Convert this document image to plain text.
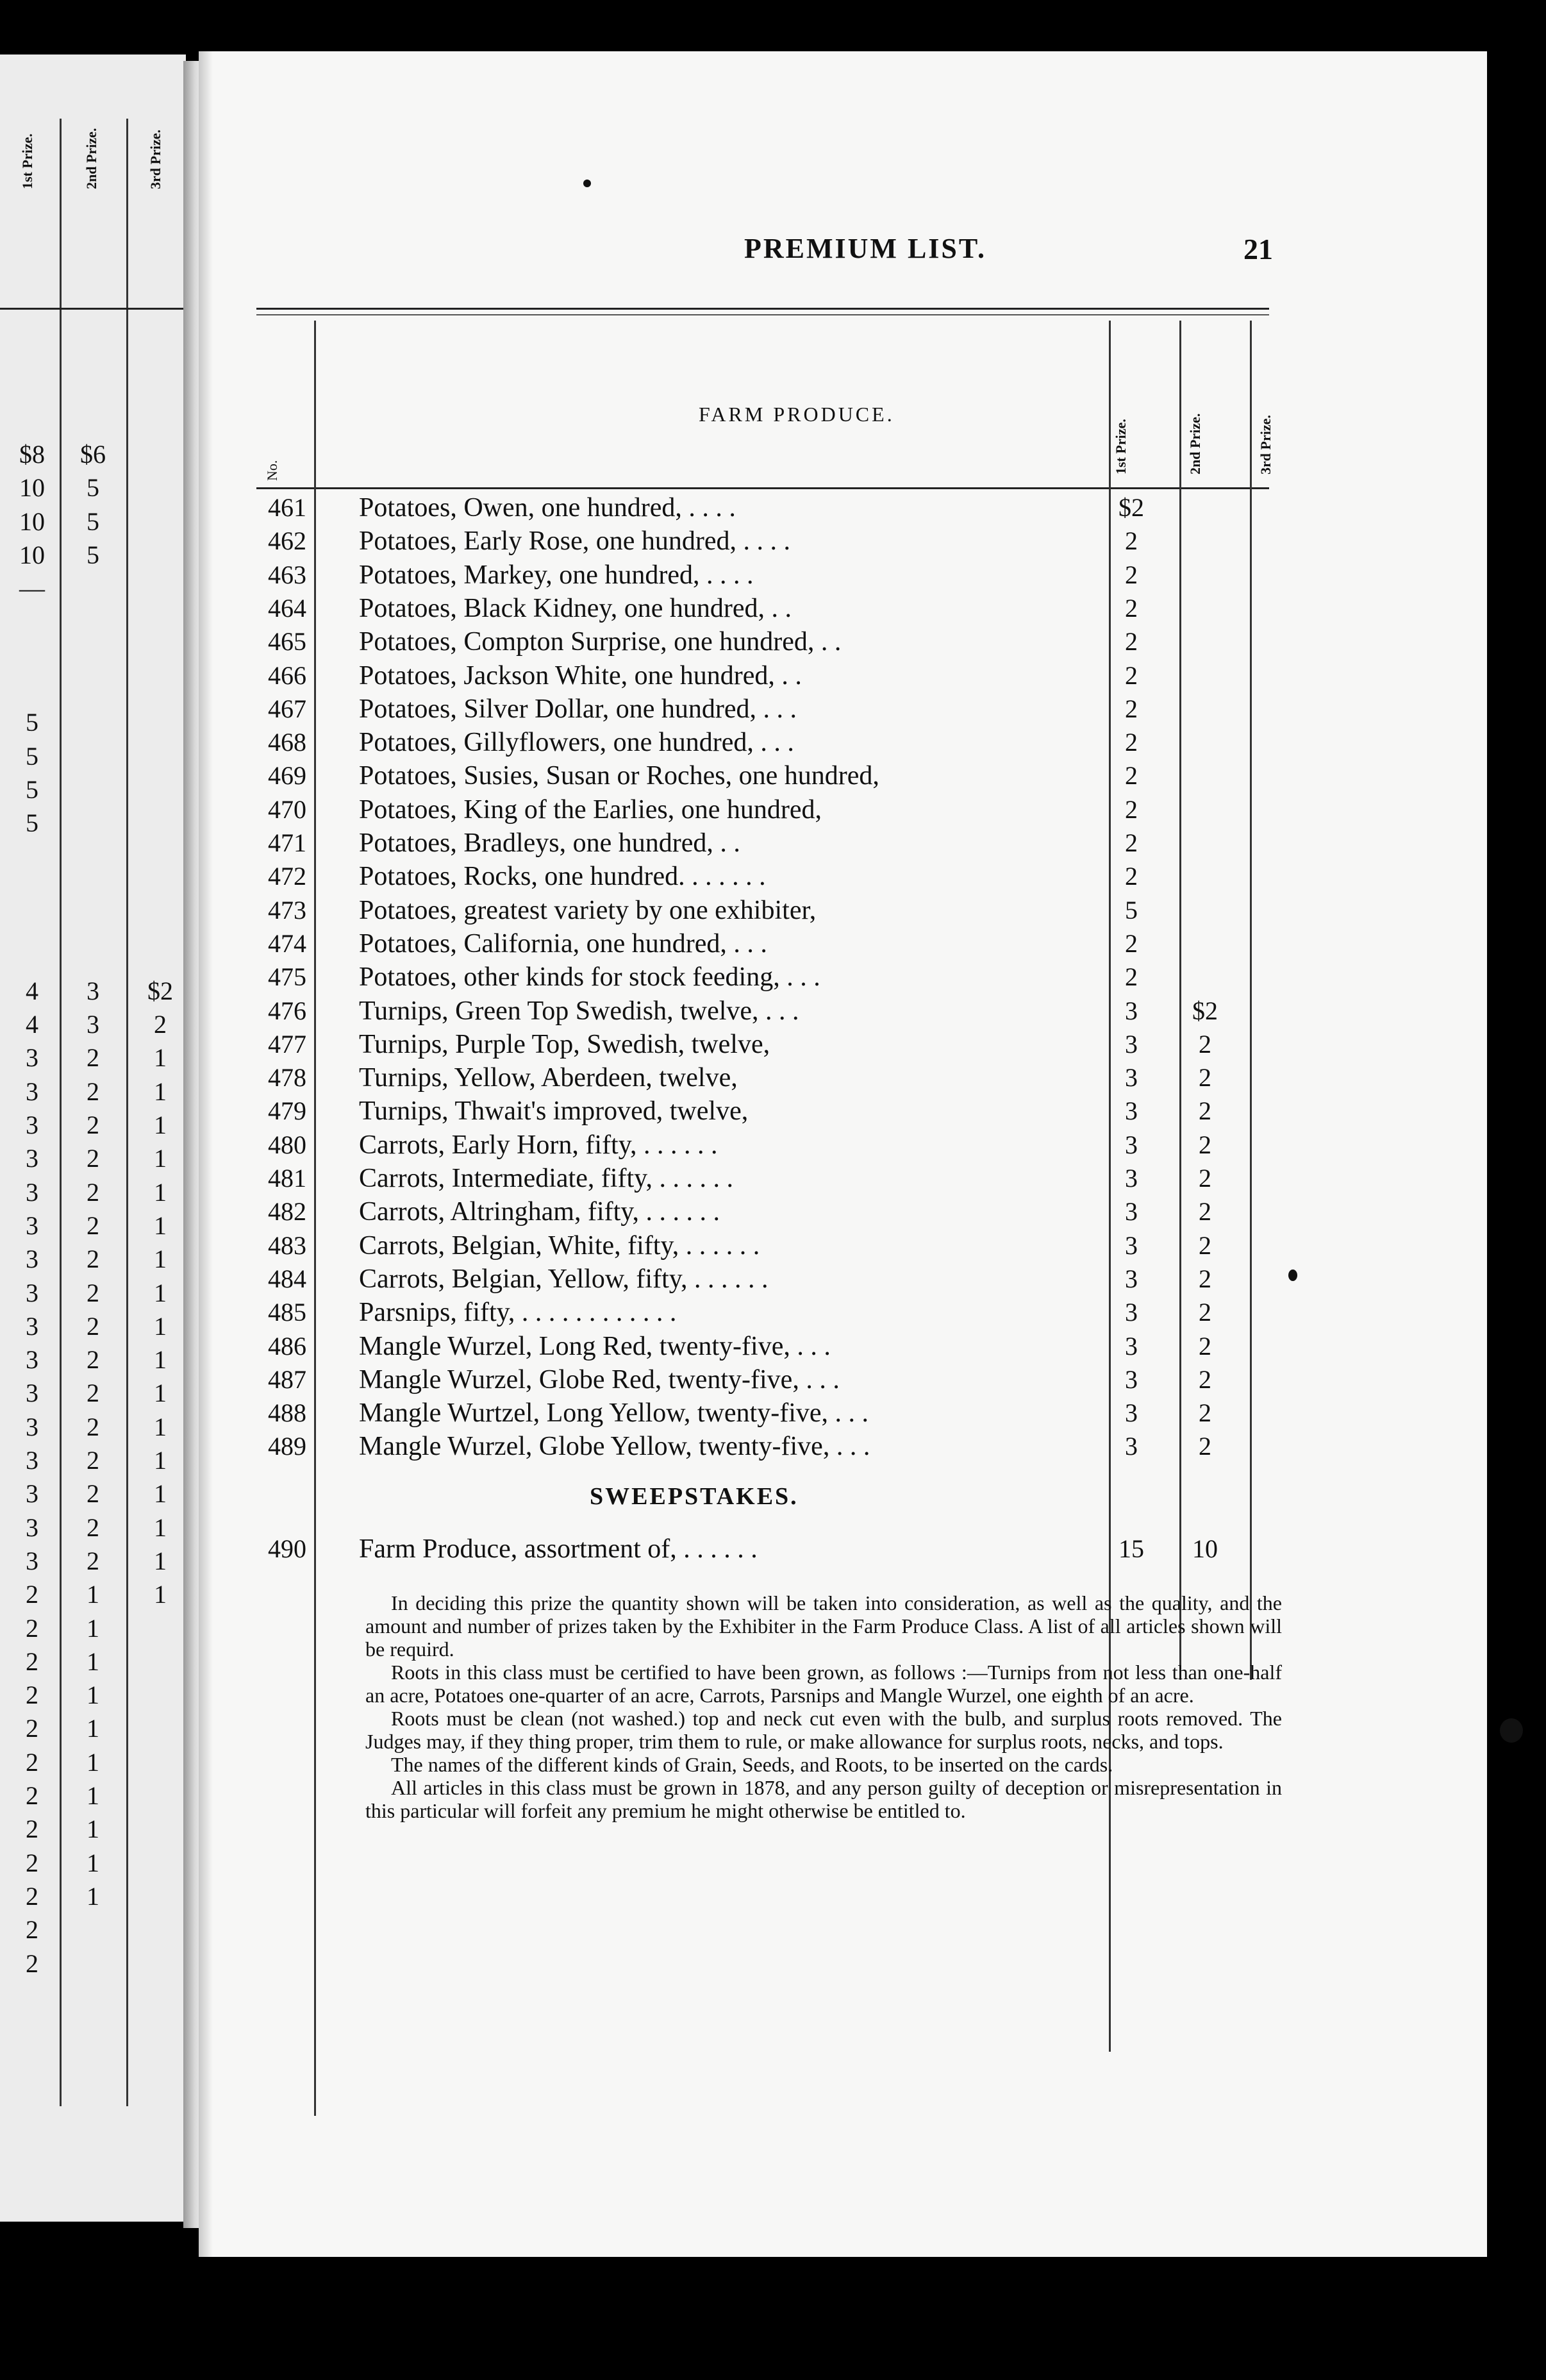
1st Prize.	2nd Prize.	3rd Prize.
$8 $6
10	5
10	5
10	5
—
5
5
5
5
4	3	$2
4	3	2
3	2	1
3	2	1
3	2	1
3	2	1
3	2	1
3	2	1
3	2	1
3	2	1
3	2	1
3	2	1
3	2	1
3	2	1
3	2	1
3	2	1
3	2	1
3	2	1
2	1	1
2	1
2	1
2	1
2	1
2	1
2	1
2	1
2	1
2	1
2
2
PREMIUM LIST.	21
FARM PRODUCE.
No.	1st Prize.	2nd Prize.	3rd Prize.
461	Potatoes, Owen, one hundred, . . . .	$2
462	Potatoes, Early Rose, one hundred, . . . .	2
463	Potatoes, Markey, one hundred, . . . .	2
464	Potatoes, Black Kidney, one hundred, . .	2
465	Potatoes, Compton Surprise, one hundred, . .	2
466	Potatoes, Jackson White, one hundred, . .	2
467	Potatoes, Silver Dollar, one hundred, . . .	2
468	Potatoes, Gillyflowers, one hundred, . . .	2
469	Potatoes, Susies, Susan or Roches, one hundred,	2
470	Potatoes, King of the Earlies, one hundred,	2
471	Potatoes, Bradleys, one hundred, . .	2
472	Potatoes, Rocks, one hundred. . . . . . .	2
473	Potatoes, greatest variety by one exhibiter,	5
474	Potatoes, California, one hundred, . . .	2
475	Potatoes, other kinds for stock feeding, . . .	2
476	Turnips, Green Top Swedish, twelve, . . .	3	$2
477	Turnips, Purple Top, Swedish, twelve,	3	2
478	Turnips, Yellow, Aberdeen, twelve,	3	2
479	Turnips, Thwait's improved, twelve,	3	2
480	Carrots, Early Horn, fifty, . . . . . .	3	2
481	Carrots, Intermediate, fifty, . . . . . .	3	2
482	Carrots, Altringham, fifty, . . . . . .	3	2
483	Carrots, Belgian, White, fifty, . . . . . .	3	2
484	Carrots, Belgian, Yellow, fifty, . . . . . .	3	2
485	Parsnips, fifty, . . . . . . . . . . . .	3	2
486	Mangle Wurzel, Long Red, twenty-five, . . .	3	2
487	Mangle Wurzel, Globe Red, twenty-five, . . .	3	2
488	Mangle Wurtzel, Long Yellow, twenty-five, . . .	3	2
489	Mangle Wurzel, Globe Yellow, twenty-five, . . .	3	2
SWEEPSTAKES.
490	Farm Produce, assortment of, . . . . . .	15 10

In deciding this prize the quantity shown will be taken into consideration, as well as the quality, and the amount and number of prizes taken by the Exhibiter in the Farm Produce Class. A list of all articles shown will be requird.

Roots in this class must be certified to have been grown, as follows :—Turnips from not less than one-half an acre, Potatoes one-quarter of an acre, Carrots, Parsnips and Mangle Wurzel, one eighth of an acre.

Roots must be clean (not washed.) top and neck cut even with the bulb, and surplus roots removed. The Judges may, if they thing proper, trim them to rule, or make allowance for surplus roots, necks, and tops.

The names of the different kinds of Grain, Seeds, and Roots, to be inserted on the cards.

All articles in this class must be grown in 1878, and any person guilty of deception or misrepresentation in this particular will forfeit any premium he might otherwise be entitled to.
